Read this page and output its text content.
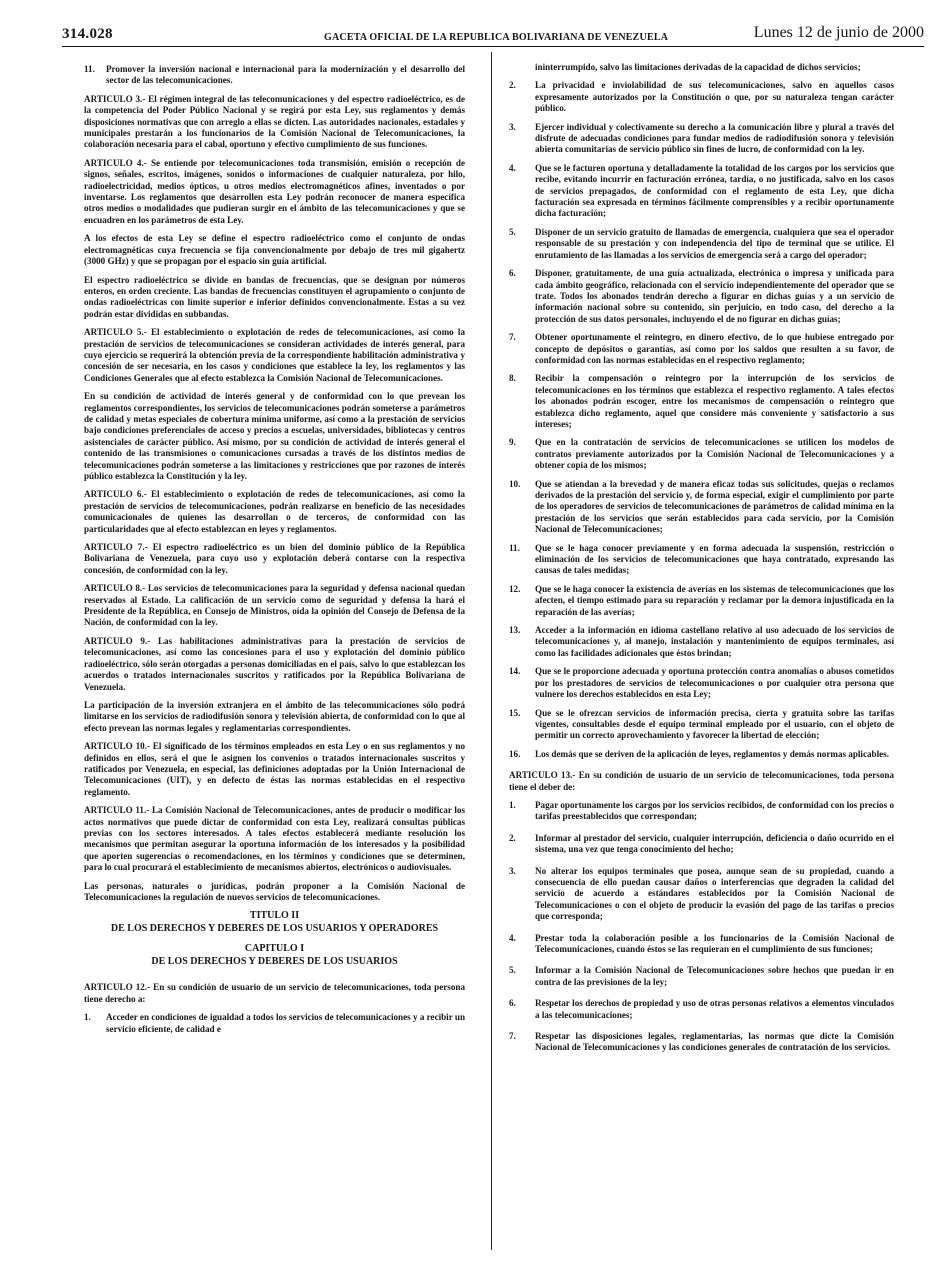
314.028	GACETA OFICIAL DE LA REPUBLICA BOLIVARIANA DE VENEZUELA	Lunes 12 de junio de 2000
11. Promover la inversión nacional e internacional para la modernización y el desarrollo del sector de las telecomunicaciones.

ARTICULO 3.- El régimen integral de las telecomunicaciones y del espectro radioeléctrico, es de la competencia del Poder Público Nacional y se regirá por esta Ley, sus reglamentos y demás disposiciones normativas que con arreglo a ellas se dicten. Las autoridades nacionales, estadales y municipales prestarán a los funcionarios de la Comisión Nacional de Telecomunicaciones, la colaboración necesaria para el cabal, oportuno y efectivo cumplimiento de sus funciones.

ARTICULO 4.- Se entiende por telecomunicaciones toda transmisión, emisión o recepción de signos, señales, escritos, imágenes, sonidos o informaciones de cualquier naturaleza, por hilo, radioelectricidad, medios ópticos, u otros medios electromagnéticos afines, inventados o por inventarse. Los reglamentos que desarrollen esta Ley podrán reconocer de manera específica otros medios o modalidades que pudieran surgir en el ámbito de las telecomunicaciones y que se encuadren en los parámetros de esta Ley.

A los efectos de esta Ley se define el espectro radioeléctrico como el conjunto de ondas electromagnéticas cuya frecuencia se fija convencionalmente por debajo de tres mil gigahertz (3000 GHz) y que se propagan por el espacio sin guía artificial.

El espectro radioeléctrico se divide en bandas de frecuencias, que se designan por números enteros, en orden creciente. Las bandas de frecuencias constituyen el agrupamiento o conjunto de ondas radioeléctricas con límite superior e inferior definidos convencionalmente. Estas a su vez podrán estar divididas en subbandas.

ARTICULO 5.- El establecimiento o explotación de redes de telecomunicaciones, así como la prestación de servicios de telecomunicaciones se consideran actividades de interés general, para cuyo ejercicio se requerirá la obtención previa de la correspondiente habilitación administrativa y concesión de ser necesaria, en los casos y condiciones que establece la ley, los reglamentos y las Condiciones Generales que al efecto establezca la Comisión Nacional de Telecomunicaciones.

En su condición de actividad de interés general y de conformidad con lo que prevean los reglamentos correspondientes, los servicios de telecomunicaciones podrán someterse a parámetros de calidad y metas especiales de cobertura mínima uniforme, así como a la prestación de servicios bajo condiciones preferenciales de acceso y precios a escuelas, universidades, bibliotecas y centros asistenciales de carácter público. Así mismo, por su condición de actividad de interés general el contenido de las transmisiones o comunicaciones cursadas a través de los distintos medios de telecomunicaciones podrán someterse a las limitaciones y restricciones que por razones de interés público establezca la Constitución y la ley.

ARTICULO 6.- El establecimiento o explotación de redes de telecomunicaciones, así como la prestación de servicios de telecomunicaciones, podrán realizarse en beneficio de las necesidades comunicacionales de quienes las desarrollan o de terceros, de conformidad con las particularidades que al efecto establezcan en leyes y reglamentos.

ARTICULO 7.- El espectro radioeléctrico es un bien del dominio público de la República Bolivariana de Venezuela, para cuyo uso y explotación deberá contarse con la respectiva concesión, de conformidad con la ley.

ARTICULO 8.- Los servicios de telecomunicaciones para la seguridad y defensa nacional quedan reservados al Estado. La calificación de un servicio como de seguridad y defensa la hará el Presidente de la República, en Consejo de Ministros, oída la opinión del Consejo de Defensa de la Nación, de conformidad con la ley.

ARTICULO 9.- Las habilitaciones administrativas para la prestación de servicios de telecomunicaciones, así como las concesiones para el uso y explotación del dominio público radioeléctrico, sólo serán otorgadas a personas domiciliadas en el país, salvo lo que establezcan los acuerdos o tratados internacionales suscritos y ratificados por la República Bolivariana de Venezuela.

La participación de la inversión extranjera en el ámbito de las telecomunicaciones sólo podrá limitarse en los servicios de radiodifusión sonora y televisión abierta, de conformidad con lo que al efecto prevean las normas legales y reglamentarias correspondientes.

ARTICULO 10.- El significado de los términos empleados en esta Ley o en sus reglamentos y no definidos en ellos, será el que le asignen los convenios o tratados internacionales suscritos y ratificados por Venezuela, en especial, las definiciones adoptadas por la Unión Internacional de Telecomunicaciones (UIT), y en defecto de éstas las normas establecidas en el respectivo reglamento.

ARTICULO 11.- La Comisión Nacional de Telecomunicaciones, antes de producir o modificar los actos normativos que puede dictar de conformidad con esta Ley, realizará consultas públicas previas con los sectores interesados. A tales efectos establecerá mediante resolución los mecanismos que permitan asegurar la oportuna información de los interesados y la posibilidad que aporten sugerencias o recomendaciones, en los términos y condiciones que se determinen, para lo cual procurará el establecimiento de mecanismos abiertos, electrónicos o audiovisuales.

Las personas, naturales o jurídicas, podrán proponer a la Comisión Nacional de Telecomunicaciones la regulación de nuevos servicios de telecomunicaciones.

TITULO II

DE LOS DERECHOS Y DEBERES DE LOS USUARIOS Y OPERADORES

CAPITULO I

DE LOS DERECHOS Y DEBERES DE LOS USUARIOS

ARTICULO 12.- En su condición de usuario de un servicio de telecomunicaciones, toda persona tiene derecho a:

1. Acceder en condiciones de igualdad a todos los servicios de telecomunicaciones y a recibir un servicio eficiente, de calidad e
ininterrumpido, salvo las limitaciones derivadas de la capacidad de dichos servicios;
2. La privacidad e inviolabilidad de sus telecomunicaciones, salvo en aquellos casos expresamente autorizados por la Constitución o que, por su naturaleza tengan carácter público.
3. Ejercer individual y colectivamente su derecho a la comunicación libre y plural a través del disfrute de adecuadas condiciones para fundar medios de radiodifusión sonora y televisión abierta comunitarias de servicio público sin fines de lucro, de conformidad con la ley.
4. Que se le facturen oportuna y detalladamente la totalidad de los cargos por los servicios que recibe, evitando incurrir en facturación errónea, tardía, o no justificada, salvo en los casos de servicios prepagados, de conformidad con el reglamento de esta Ley, que dicha facturación sea expresada en términos fácilmente comprensibles y a recibir oportunamente dicha facturación;
5. Disponer de un servicio gratuito de llamadas de emergencia, cualquiera que sea el operador responsable de su prestación y con independencia del tipo de terminal que se utilice. El enrutamiento de las llamadas a los servicios de emergencia será a cargo del operador;
6. Disponer, gratuitamente, de una guía actualizada, electrónica o impresa y unificada para cada ámbito geográfico, relacionada con el servicio independientemente del operador que se trate. Todos los abonados tendrán derecho a figurar en dichas guías y a un servicio de información nacional sobre su contenido, sin perjuicio, en todo caso, del derecho a la protección de sus datos personales, incluyendo el de no figurar en dichas guías;
7. Obtener oportunamente el reintegro, en dinero efectivo, de lo que hubiese entregado por concepto de depósitos o garantías, así como por los saldos que resulten a su favor, de conformidad con las normas establecidas en el respectivo reglamento;
8. Recibir la compensación o reintegro por la interrupción de los servicios de telecomunicaciones en los términos que establezca el respectivo reglamento. A tales efectos los abonados podrán escoger, entre los mecanismos de compensación o reintegro que establezca dicho reglamento, aquel que considere más conveniente y satisfactorio a sus intereses;
9. Que en la contratación de servicios de telecomunicaciones se utilicen los modelos de contratos previamente autorizados por la Comisión Nacional de Telecomunicaciones y a obtener copia de los mismos;
10. Que se atiendan a la brevedad y de manera eficaz todas sus solicitudes, quejas o reclamos derivados de la prestación del servicio y, de forma especial, exigir el cumplimiento por parte de los operadores de servicios de telecomunicaciones de parámetros de calidad mínima en la prestación de los servicios que serán establecidos para cada servicio, por la Comisión Nacional de Telecomunicaciones;
11. Que se le haga conocer previamente y en forma adecuada la suspensión, restricción o eliminación de los servicios de telecomunicaciones que haya contratado, expresando las causas de tales medidas;
12. Que se le haga conocer la existencia de averías en los sistemas de telecomunicaciones que los afecten, el tiempo estimado para su reparación y reclamar por la demora injustificada en la reparación de las averías;
13. Acceder a la información en idioma castellano relativo al uso adecuado de los servicios de telecomunicaciones y, al manejo, instalación y mantenimiento de equipos terminales, así como las facilidades adicionales que éstos brindan;
14. Que se le proporcione adecuada y oportuna protección contra anomalías o abusos cometidos por los prestadores de servicios de telecomunicaciones o por cualquier otra persona que vulnere los derechos establecidos en esta Ley;
15. Que se le ofrezcan servicios de información precisa, cierta y gratuita sobre las tarifas vigentes, consultables desde el equipo terminal empleado por el usuario, con el objeto de permitir un correcto aprovechamiento y favorecer la libertad de elección;
16. Los demás que se deriven de la aplicación de leyes, reglamentos y demás normas aplicables.

ARTICULO 13.- En su condición de usuario de un servicio de telecomunicaciones, toda persona tiene el deber de:

1. Pagar oportunamente los cargos por los servicios recibidos, de conformidad con los precios o tarifas preestablecidos que correspondan;
2. Informar al prestador del servicio, cualquier interrupción, deficiencia o daño ocurrido en el sistema, una vez que tenga conocimiento del hecho;
3. No alterar los equipos terminales que posea, aunque sean de su propiedad, cuando a consecuencia de ello puedan causar daños o interferencias que degraden la calidad del servicio de acuerdo a estándares establecidos por la Comisión Nacional de Telecomunicaciones o con el objeto de producir la evasión del pago de las tarifas o precios que corresponda;
4. Prestar toda la colaboración posible a los funcionarios de la Comisión Nacional de Telecomunicaciones, cuando éstos se las requieran en el cumplimiento de sus funciones;
5. Informar a la Comisión Nacional de Telecomunicaciones sobre hechos que puedan ir en contra de las previsiones de la ley;
6. Respetar los derechos de propiedad y uso de otras personas relativos a elementos vinculados a las telecomunicaciones;
7. Respetar las disposiciones legales, reglamentarias, las normas que dicte la Comisión Nacional de Telecomunicaciones y las condiciones generales de contratación de los servicios.
